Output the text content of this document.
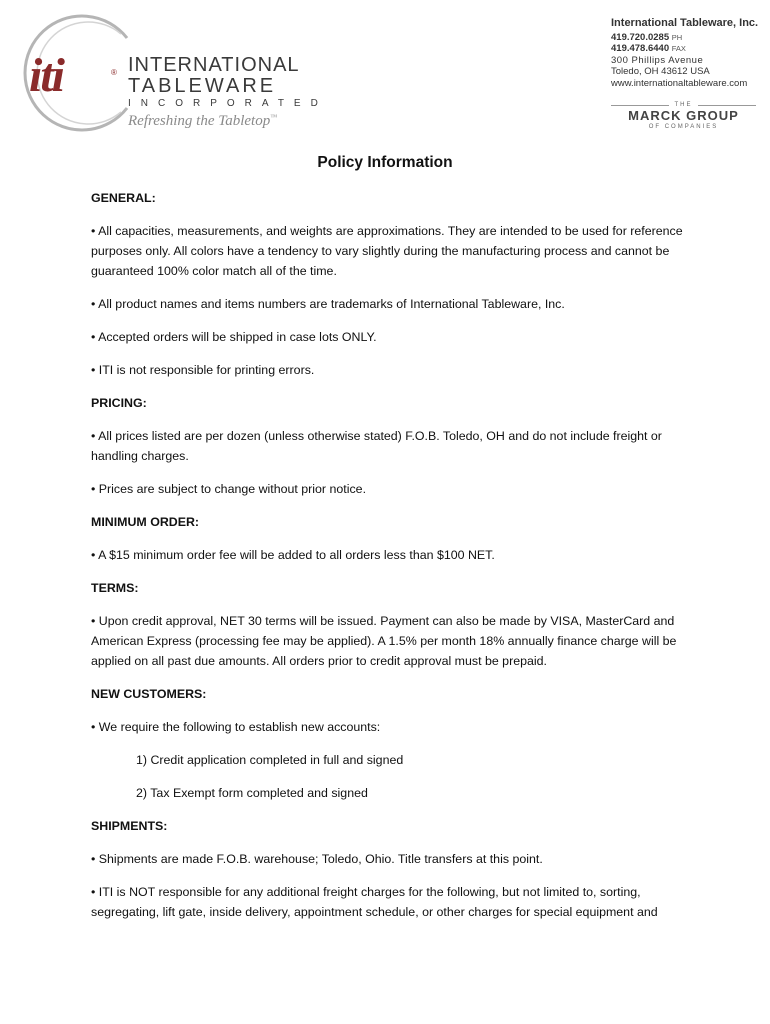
iti	® INTERNATIONAL
TABLEWARE
INCORPORATED
Refreshing the Tabletop™
International Tableware, Inc.
419.720.0285 PH
419.478.6440 FAX
300 Phillips Avenue
Toledo, OH 43612 USA
www.internationaltableware.com
THE
MARCK GROUP
OF COMPANIES
Policy Information
GENERAL:

• All capacities, measurements, and weights are approximations. They are intended to be used for reference purposes only. All colors have a tendency to vary slightly during the manufacturing process and cannot be guaranteed 100% color match all of the time.

• All product names and items numbers are trademarks of International Tableware, Inc.

• Accepted orders will be shipped in case lots ONLY.

• ITI is not responsible for printing errors.

PRICING:

• All prices listed are per dozen (unless otherwise stated) F.O.B. Toledo, OH and do not include freight or handling charges.

• Prices are subject to change without prior notice.

MINIMUM ORDER:

• A $15 minimum order fee will be added to all orders less than $100 NET.

TERMS:

• Upon credit approval, NET 30 terms will be issued. Payment can also be made by VISA, MasterCard and American Express (processing fee may be applied). A 1.5% per month 18% annually finance charge will be applied on all past due amounts. All orders prior to credit approval must be prepaid.

NEW CUSTOMERS:

• We require the following to establish new accounts:

1) Credit application completed in full and signed

2) Tax Exempt form completed and signed

SHIPMENTS:

• Shipments are made F.O.B. warehouse; Toledo, Ohio. Title transfers at this point.

• ITI is NOT responsible for any additional freight charges for the following, but not limited to, sorting, segregating, lift gate, inside delivery, appointment schedule, or other charges for special equipment and
